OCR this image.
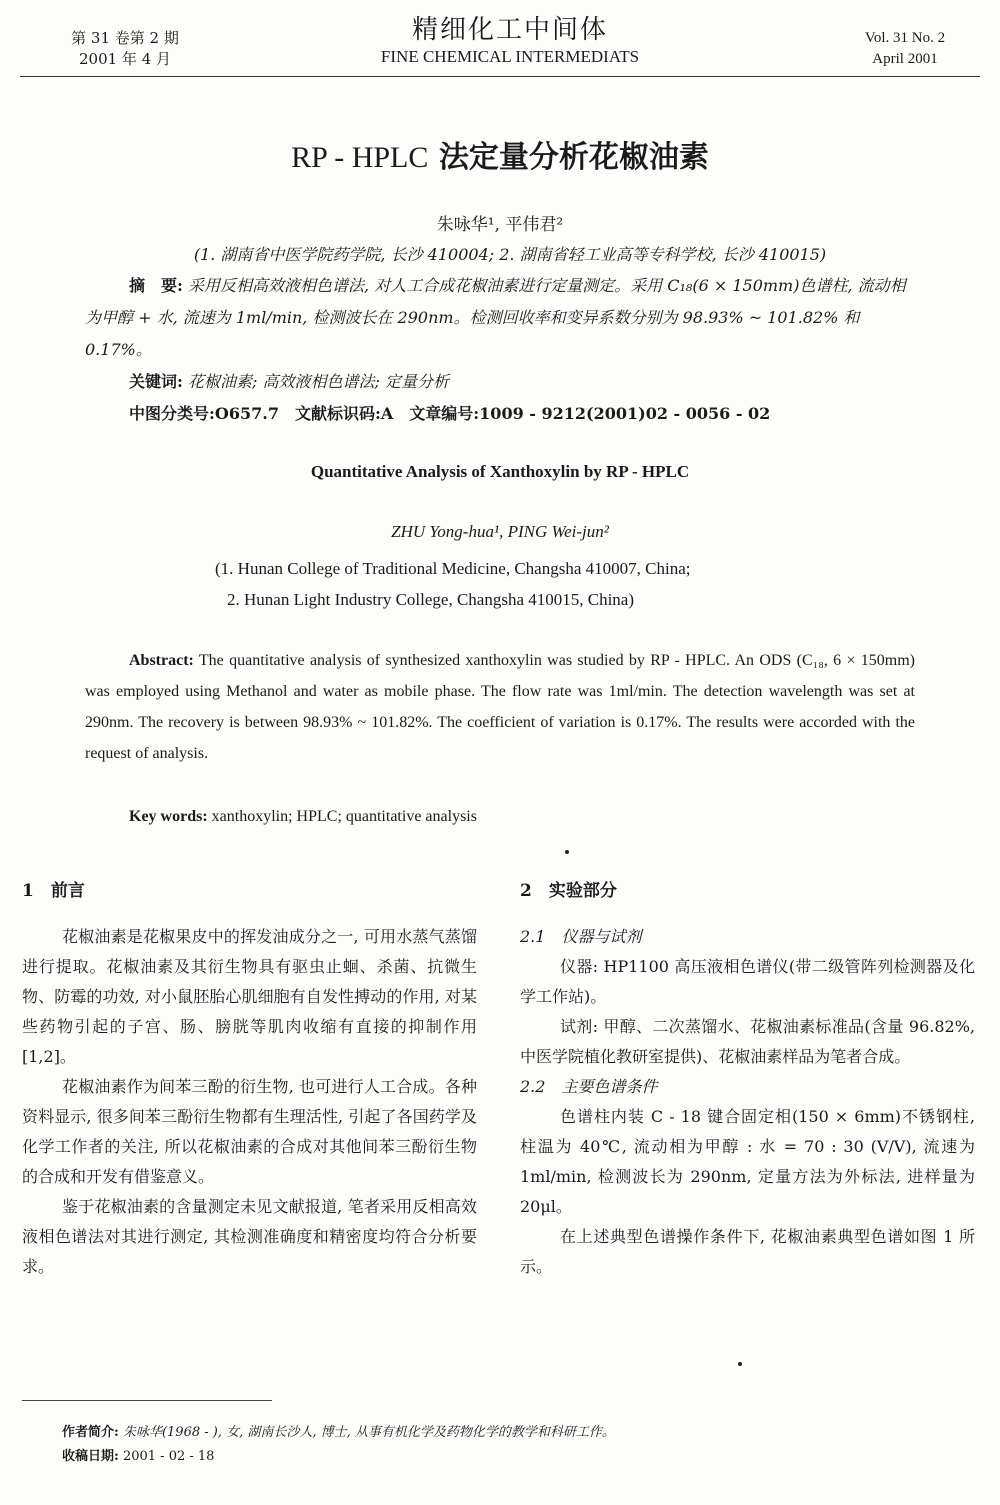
第 31 卷第 2 期
2001 年 4 月
精细化工中间体
FINE CHEMICAL INTERMEDIATS
Vol. 31 No. 2
April 2001
RP - HPLC 法定量分析花椒油素
朱咏华¹, 平伟君²
(1. 湖南省中医学院药学院, 长沙 410004; 2. 湖南省轻工业高等专科学校, 长沙 410015)
摘　要: 采用反相高效液相色谱法, 对人工合成花椒油素进行定量测定。采用 C₁₈(6 × 150mm)色谱柱, 流动相为甲醇 + 水, 流速为 1ml/min, 检测波长在 290nm。检测回收率和变异系数分别为 98.93% ~ 101.82% 和 0.17%。
关键词: 花椒油素; 高效液相色谱法; 定量分析
中图分类号:O657.7　文献标识码:A　文章编号:1009 - 9212(2001)02 - 0056 - 02
Quantitative Analysis of Xanthoxylin by RP - HPLC
ZHU Yong-hua¹, PING Wei-jun²
(1. Hunan College of Traditional Medicine, Changsha 410007, China;
2. Hunan Light Industry College, Changsha 410015, China)
Abstract: The quantitative analysis of synthesized xanthoxylin was studied by RP - HPLC. An ODS (C₁₈, 6 × 150mm) was employed using Methanol and water as mobile phase. The flow rate was 1ml/min. The detection wavelength was set at 290nm. The recovery is between 98.93% ~ 101.82%. The coefficient of variation is 0.17%. The results were accorded with the request of analysis.
Key words: xanthoxylin; HPLC; quantitative analysis
1　前言

花椒油素是花椒果皮中的挥发油成分之一, 可用水蒸气蒸馏进行提取。花椒油素及其衍生物具有驱虫止蛔、杀菌、抗微生物、防霉的功效, 对小鼠胚胎心肌细胞有自发性搏动的作用, 对某些药物引起的子宫、肠、膀胱等肌肉收缩有直接的抑制作用[1,2]。

花椒油素作为间苯三酚的衍生物, 也可进行人工合成。各种资料显示, 很多间苯三酚衍生物都有生理活性, 引起了各国药学及化学工作者的关注, 所以花椒油素的合成对其他间苯三酚衍生物的合成和开发有借鉴意义。

鉴于花椒油素的含量测定未见文献报道, 笔者采用反相高效液相色谱法对其进行测定, 其检测准确度和精密度均符合分析要求。

2　实验部分
2.1　仪器与试剂

仪器: HP1100 高压液相色谱仪(带二级管阵列检测器及化学工作站)。

试剂: 甲醇、二次蒸馏水、花椒油素标准品(含量 96.82%, 中医学院植化教研室提供)、花椒油素样品为笔者合成。

2.2　主要色谱条件

色谱柱内装 C - 18 键合固定相(150 × 6mm)不锈钢柱, 柱温为 40℃, 流动相为甲醇 : 水 = 70 : 30 (V/V), 流速为 1ml/min, 检测波长为 290nm, 定量方法为外标法, 进样量为 20μl。

在上述典型色谱操作条件下, 花椒油素典型色谱如图 1 所示。

作者简介: 朱咏华(1968 - ), 女, 湖南长沙人, 博士, 从事有机化学及药物化学的教学和科研工作。
收稿日期: 2001 - 02 - 18
